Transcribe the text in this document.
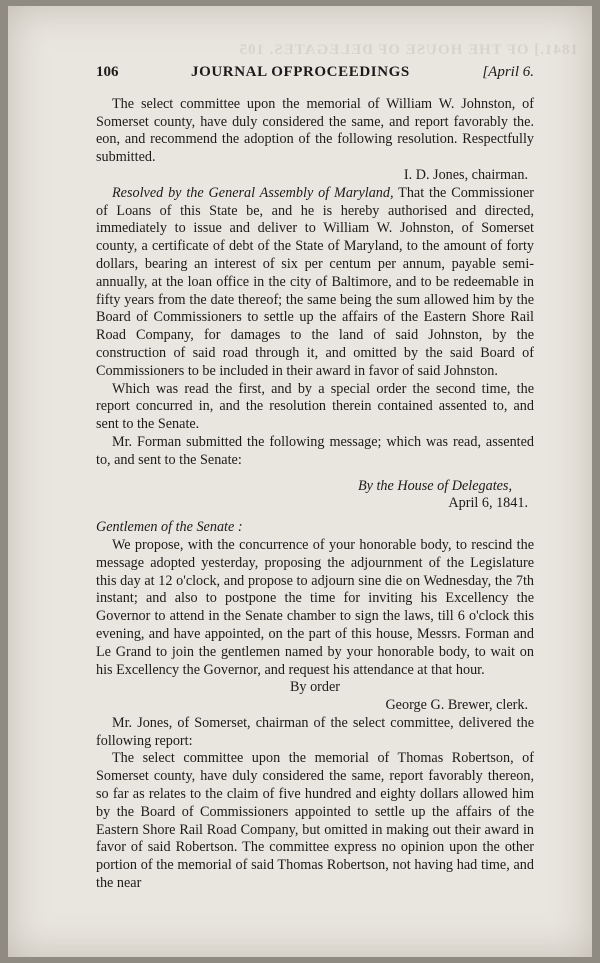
1841.] OF THE HOUSE OF DELEGATES. 105
106	JOURNAL OFPROCEEDINGS	[April 6.

The select committee upon the memorial of William W. Johnston, of Somerset county, have duly considered the same, and report favorably the. eon, and recommend the adoption of the following resolution. Respectfully submitted.

I. D. Jones, chairman.

Resolved by the General Assembly of Maryland, That the Commissioner of Loans of this State be, and he is hereby authorised and directed, immediately to issue and deliver to William W. Johnston, of Somerset county, a certificate of debt of the State of Maryland, to the amount of forty dollars, bearing an interest of six per centum per annum, payable semi-annually, at the loan office in the city of Baltimore, and to be redeemable in fifty years from the date thereof; the same being the sum allowed him by the Board of Commissioners to settle up the affairs of the Eastern Shore Rail Road Company, for damages to the land of said Johnston, by the construction of said road through it, and omitted by the said Board of Commissioners to be included in their award in favor of said Johnston.

Which was read the first, and by a special order the second time, the report concurred in, and the resolution therein contained assented to, and sent to the Senate.

Mr. Forman submitted the following message; which was read, assented to, and sent to the Senate:

By the House of Delegates,

April 6, 1841.

Gentlemen of the Senate :

We propose, with the concurrence of your honorable body, to rescind the message adopted yesterday, proposing the adjournment of the Legislature this day at 12 o'clock, and propose to adjourn sine die on Wednesday, the 7th instant; and also to postpone the time for inviting his Excellency the Governor to attend in the Senate chamber to sign the laws, till 6 o'clock this evening, and have appointed, on the part of this house, Messrs. Forman and Le Grand to join the gentlemen named by your honorable body, to wait on his Excellency the Governor, and request his attendance at that hour.

By order

George G. Brewer, clerk.

Mr. Jones, of Somerset, chairman of the select committee, delivered the following report:

The select committee upon the memorial of Thomas Robertson, of Somerset county, have duly considered the same, report favorably thereon, so far as relates to the claim of five hundred and eighty dollars allowed him by the Board of Commissioners appointed to settle up the affairs of the Eastern Shore Rail Road Company, but omitted in making out their award in favor of said Robertson. The committee express no opinion upon the other portion of the memorial of said Thomas Robertson, not having had time, and the near
